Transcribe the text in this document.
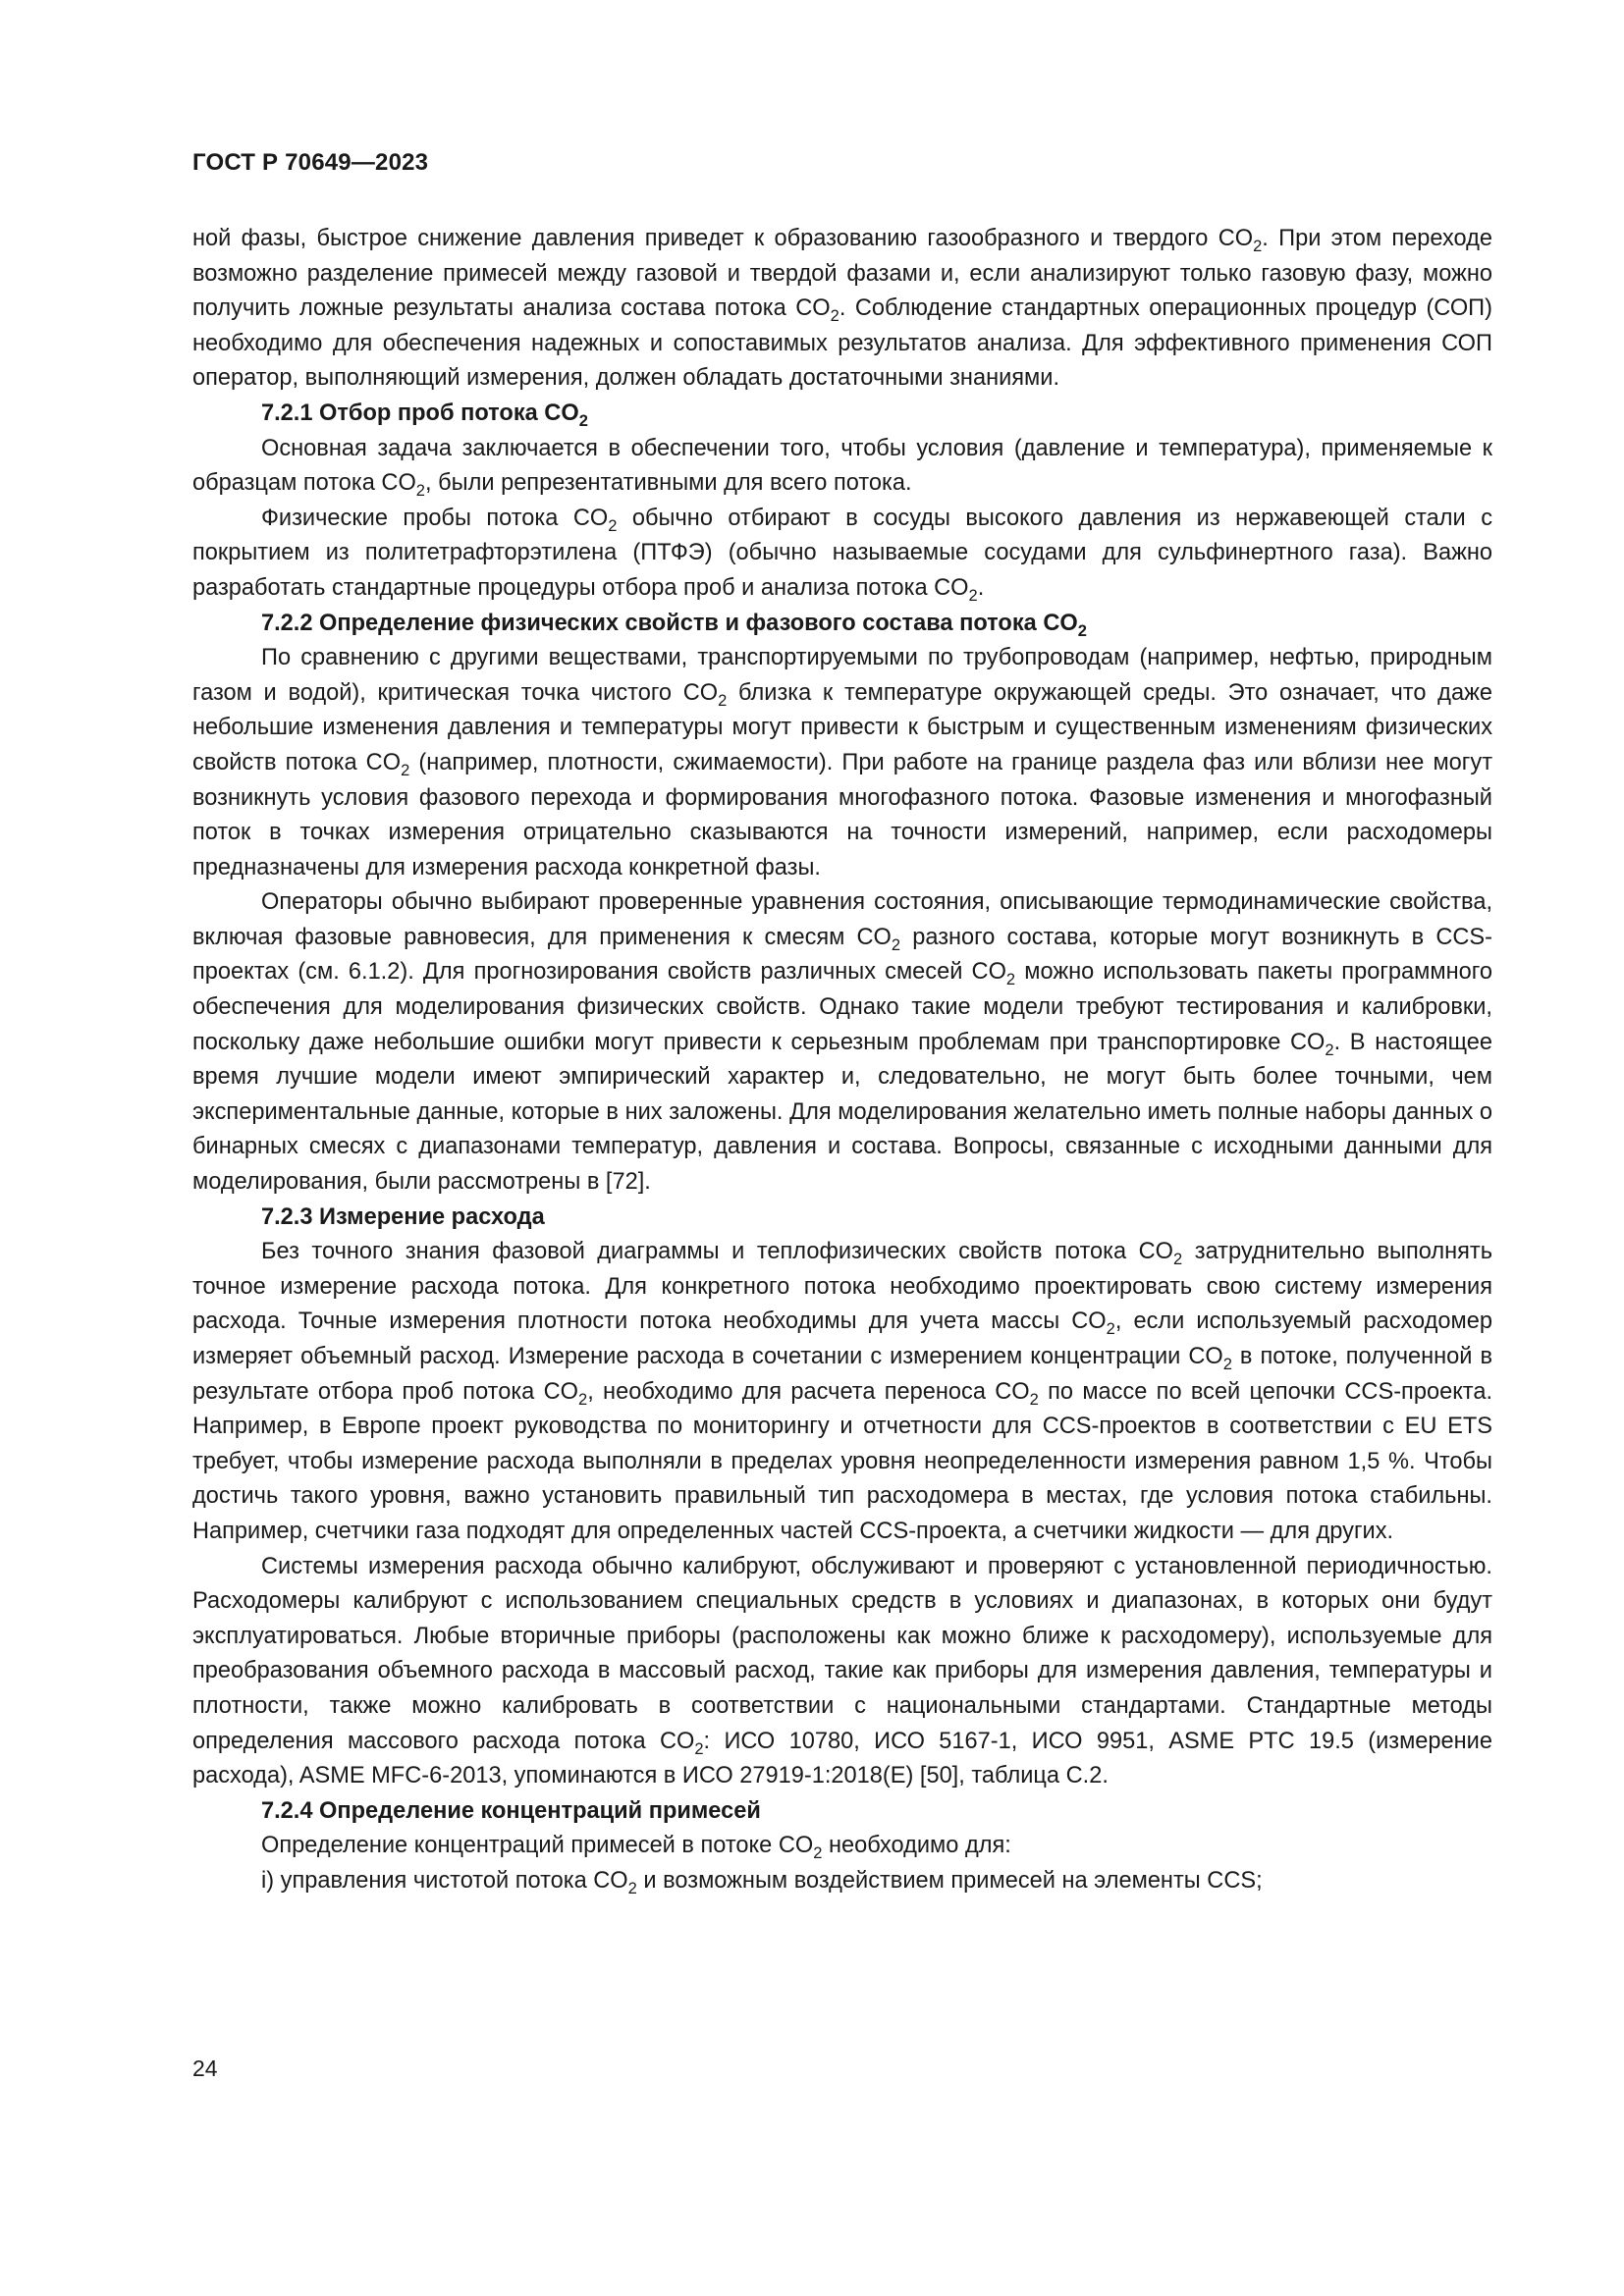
ГОСТ Р 70649—2023

ной фазы, быстрое снижение давления приведет к образованию газообразного и твердого $CO_2$. При этом переходе возможно разделение примесей между газовой и твердой фазами и, если анализируют только газовую фазу, можно получить ложные результаты анализа состава потока $CO_2$. Соблюдение стандартных операционных процедур (СОП) необходимо для обеспечения надежных и сопоставимых результатов анализа. Для эффективного применения СОП оператор, выполняющий измерения, должен обладать достаточными знаниями.

7.2.1 Отбор проб потока $CO_2$

Основная задача заключается в обеспечении того, чтобы условия (давление и температура), применяемые к образцам потока $CO_2$, были репрезентативными для всего потока.

Физические пробы потока $CO_2$ обычно отбирают в сосуды высокого давления из нержавеющей стали с покрытием из политетрафторэтилена (ПТФЭ) (обычно называемые сосудами для сульфинертного газа). Важно разработать стандартные процедуры отбора проб и анализа потока $CO_2$.

7.2.2 Определение физических свойств и фазового состава потока $CO_2$

По сравнению с другими веществами, транспортируемыми по трубопроводам (например, нефтью, природным газом и водой), критическая точка чистого $CO_2$ близка к температуре окружающей среды. Это означает, что даже небольшие изменения давления и температуры могут привести к быстрым и существенным изменениям физических свойств потока $CO_2$ (например, плотности, сжимаемости). При работе на границе раздела фаз или вблизи нее могут возникнуть условия фазового перехода и формирования многофазного потока. Фазовые изменения и многофазный поток в точках измерения отрицательно сказываются на точности измерений, например, если расходомеры предназначены для измерения расхода конкретной фазы.

Операторы обычно выбирают проверенные уравнения состояния, описывающие термодинамические свойства, включая фазовые равновесия, для применения к смесям $CO_2$ разного состава, которые могут возникнуть в CCS-проектах (см. 6.1.2). Для прогнозирования свойств различных смесей $CO_2$ можно использовать пакеты программного обеспечения для моделирования физических свойств. Однако такие модели требуют тестирования и калибровки, поскольку даже небольшие ошибки могут привести к серьезным проблемам при транспортировке $CO_2$. В настоящее время лучшие модели имеют эмпирический характер и, следовательно, не могут быть более точными, чем экспериментальные данные, которые в них заложены. Для моделирования желательно иметь полные наборы данных о бинарных смесях с диапазонами температур, давления и состава. Вопросы, связанные с исходными данными для моделирования, были рассмотрены в [72].

7.2.3 Измерение расхода

Без точного знания фазовой диаграммы и теплофизических свойств потока $CO_2$ затруднительно выполнять точное измерение расхода потока. Для конкретного потока необходимо проектировать свою систему измерения расхода. Точные измерения плотности потока необходимы для учета массы $CO_2$, если используемый расходомер измеряет объемный расход. Измерение расхода в сочетании с измерением концентрации $CO_2$ в потоке, полученной в результате отбора проб потока $CO_2$, необходимо для расчета переноса $CO_2$ по массе по всей цепочки CCS-проекта. Например, в Европе проект руководства по мониторингу и отчетности для CCS-проектов в соответствии с EU ETS требует, чтобы измерение расхода выполняли в пределах уровня неопределенности измерения равном 1,5 %. Чтобы достичь такого уровня, важно установить правильный тип расходомера в местах, где условия потока стабильны. Например, счетчики газа подходят для определенных частей CCS-проекта, а счетчики жидкости — для других.

Системы измерения расхода обычно калибруют, обслуживают и проверяют с установленной периодичностью. Расходомеры калибруют с использованием специальных средств в условиях и диапазонах, в которых они будут эксплуатироваться. Любые вторичные приборы (расположены как можно ближе к расходомеру), используемые для преобразования объемного расхода в массовый расход, такие как приборы для измерения давления, температуры и плотности, также можно калибровать в соответствии с национальными стандартами. Стандартные методы определения массового расхода потока $CO_2$: ИСО 10780, ИСО 5167-1, ИСО 9951, ASME PTC 19.5 (измерение расхода), ASME MFC-6-2013, упоминаются в ИСО 27919-1:2018(E) [50], таблица С.2.

7.2.4 Определение концентраций примесей

Определение концентраций примесей в потоке $CO_2$ необходимо для:

i) управления чистотой потока $CO_2$ и возможным воздействием примесей на элементы CCS;

24
